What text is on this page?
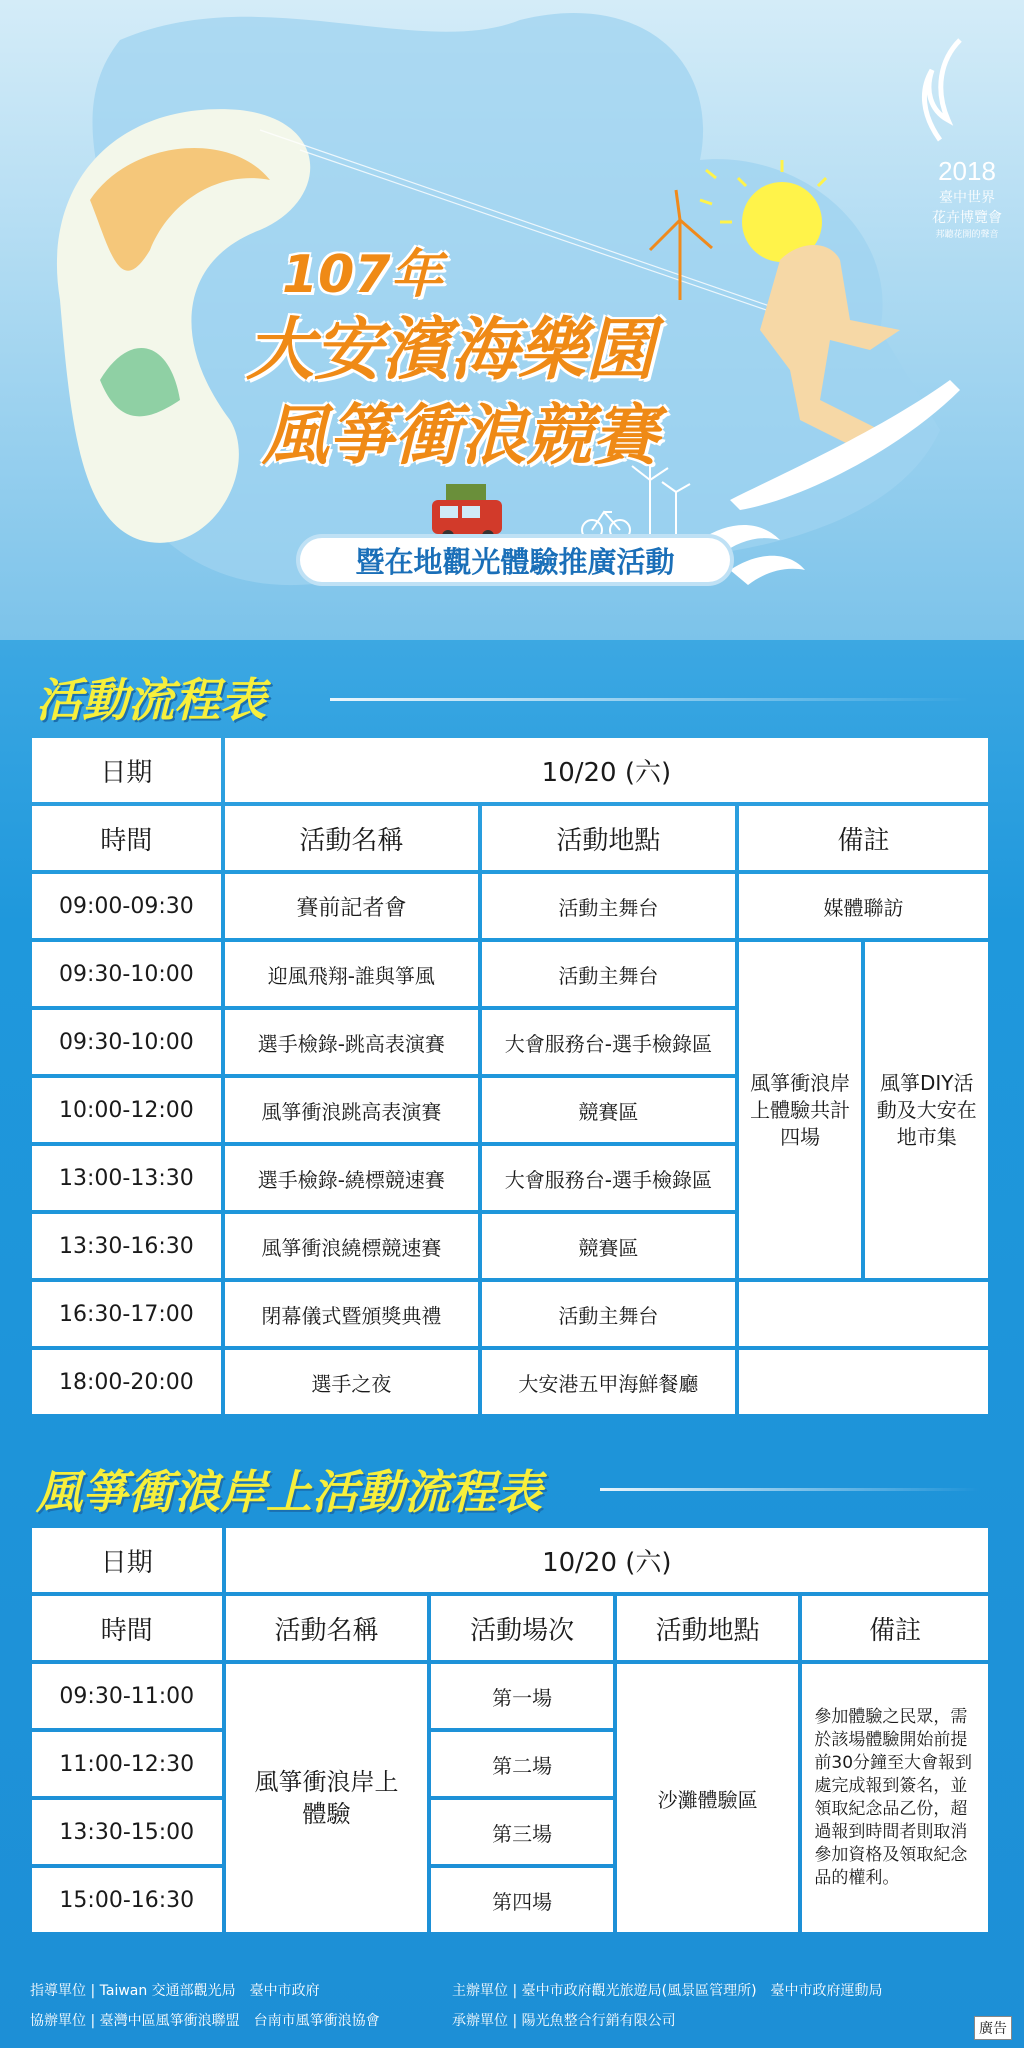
107年
大安濱海樂園
風箏衝浪競賽
暨在地觀光體驗推廣活動
2018
臺中世界
花卉博覽會
邦聽花開的聲音
活動流程表
日期	10/20 (六)			
時間	活動名稱	活動地點	備註	
09:00-09:30	賽前記者會	活動主舞台	媒體聯訪	
09:30-10:00	迎風飛翔-誰與箏風	活動主舞台	風箏衝浪岸上體驗共計四場	風箏DIY活動及大安在地市集
09:30-10:00	選手檢錄-跳高表演賽	大會服務台-選手檢錄區		
10:00-12:00	風箏衝浪跳高表演賽	競賽區		
13:00-13:30	選手檢錄-繞標競速賽	大會服務台-選手檢錄區		
13:30-16:30	風箏衝浪繞標競速賽	競賽區		
16:30-17:00	閉幕儀式暨頒獎典禮	活動主舞台		
18:00-20:00	選手之夜	大安港五甲海鮮餐廳		
風箏衝浪岸上活動流程表
日期	10/20 (六)			
時間	活動名稱	活動場次	活動地點	備註
09:30-11:00	風箏衝浪岸上體驗	第一場	沙灘體驗區	參加體驗之民眾，需於該場體驗開始前提前30分鐘至大會報到處完成報到簽名，並領取紀念品乙份，超過報到時間者則取消參加資格及領取紀念品的權利。
11:00-12:30		第二場		
13:30-15:00		第三場		
15:00-16:30		第四場		
指導單位 | Taiwan 交通部觀光局　臺中市政府	主辦單位 | 臺中市政府觀光旅遊局(風景區管理所)　臺中市政府運動局
協辦單位 | 臺灣中區風箏衝浪聯盟　台南市風箏衝浪協會	承辦單位 | 陽光魚整合行銷有限公司	廣告
